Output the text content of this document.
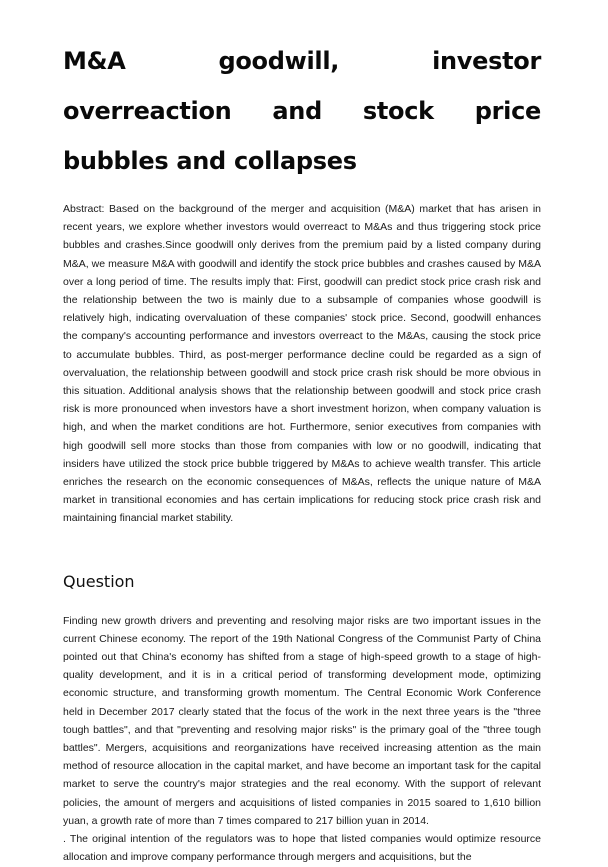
M&A goodwill, investor overreaction and stock price bubbles and collapses

Abstract: Based on the background of the merger and acquisition (M&A) market that has arisen in recent years, we explore whether investors would overreact to M&As and thus triggering stock price bubbles and crashes.Since goodwill only derives from the premium paid by a listed company during M&A, we measure M&A with goodwill and identify the stock price bubbles and crashes caused by M&A over a long period of time. The results imply that: First, goodwill can predict stock price crash risk and the relationship between the two is mainly due to a subsample of companies whose goodwill is relatively high, indicating overvaluation of these companies' stock price. Second, goodwill enhances the company's accounting performance and investors overreact to the M&As, causing the stock price to accumulate bubbles. Third, as post-merger performance decline could be regarded as a sign of overvaluation, the relationship between goodwill and stock price crash risk should be more obvious in this situation. Additional analysis shows that the relationship between goodwill and stock price crash risk is more pronounced when investors have a short investment horizon, when company valuation is high, and when the market conditions are hot. Furthermore, senior executives from companies with high goodwill sell more stocks than those from companies with low or no goodwill, indicating that insiders have utilized the stock price bubble triggered by M&As to achieve wealth transfer. This article enriches the research on the economic consequences of M&As, reflects the unique nature of M&A market in transitional economies and has certain implications for reducing stock price crash risk and maintaining financial market stability.

Question

Finding new growth drivers and preventing and resolving major risks are two important issues in the current Chinese economy. The report of the 19th National Congress of the Communist Party of China pointed out that China's economy has shifted from a stage of high-speed growth to a stage of high-quality development, and it is in a critical period of transforming development mode, optimizing economic structure, and transforming growth momentum. The Central Economic Work Conference held in December 2017 clearly stated that the focus of the work in the next three years is the "three tough battles", and that "preventing and resolving major risks" is the primary goal of the "three tough battles". Mergers, acquisitions and reorganizations have received increasing attention as the main method of resource allocation in the capital market, and have become an important task for the capital market to serve the country's major strategies and the real economy. With the support of relevant policies, the amount of mergers and acquisitions of listed companies in 2015 soared to 1,610 billion yuan, a growth rate of more than 7 times compared to 217 billion yuan in 2014.

. The original intention of the regulators was to hope that listed companies would optimize resource allocation and improve company performance through mergers and acquisitions, but the
